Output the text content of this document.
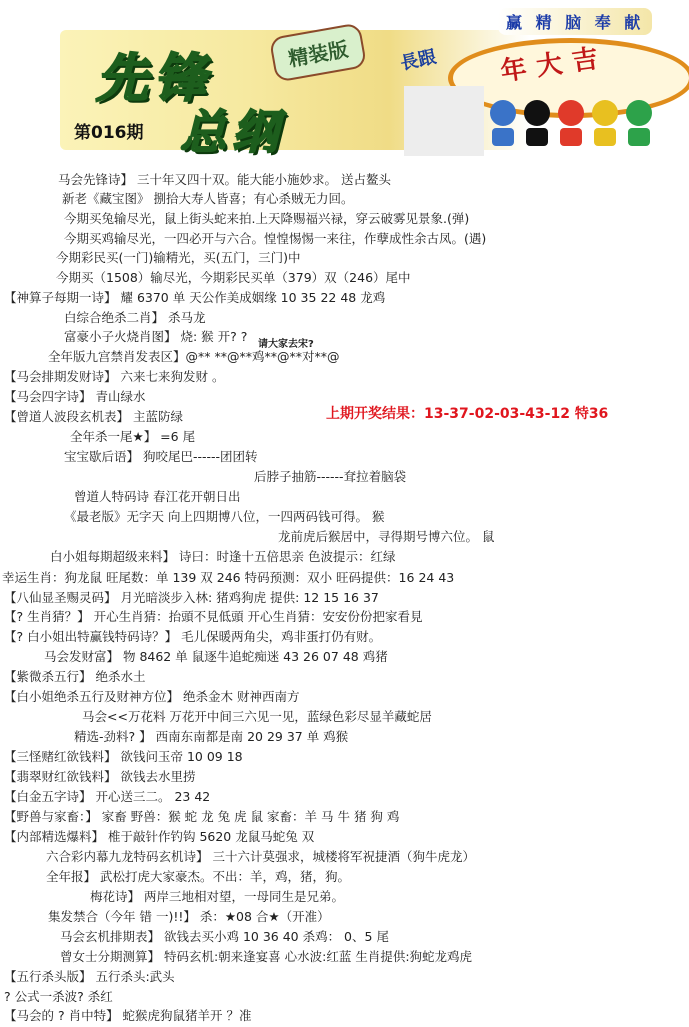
赢 精 脑 奉 献
年大吉
先锋	精装版	長跟
总纲
第016期
马会先锋诗】 三十年又四十双。能大能小施妙求。 送占鳌头
新老《藏宝图》 捌拾大寿人皆喜；有心杀贼无力回。
今期买兔输尽光，鼠上街头蛇来拍.上天降赐福兴禄，穿云破雾见景象.(弹)
今期买鸡输尽光，一四必开与六合。惶惶惕惕一来往，作孽成性余古凤。(遇)
今期彩民买(一门)输精光，买(五门，三门)中
今期买（1508）输尽光，今期彩民买单（379）双（246）尾中
【神算子每期一诗】 耀 6370 单 天公作美成姻缘 10 35 22 48 龙鸡
白综合绝杀二肖】 杀马龙
富豪小子火烧肖图】 烧: 猴 开? ?
请大家去宋?
全年版九宫禁肖发表区】@** **@**鸡**@**对**@
【马会排期发财诗】 六来七来狗发财 。
【马会四字诗】 青山绿水
【曾道人波段玄机表】 主蓝防绿	上期开奖结果：13-37-02-03-43-12 特36
全年杀一尾★】 =6 尾
宝宝歇后语】 狗咬尾巴------团团转
后脖子抽筋------耷拉着脑袋
曾道人特码诗 春江花开朝日出
《最老版》无字天 向上四期博八位，一四两码钱可得。 猴
龙前虎后猴居中，寻得期号博六位。 鼠
白小姐每期超级来料】 诗曰：时逢十五倍思亲 色波提示：红绿
幸运生肖：狗龙鼠 旺尾数：单 139 双 246 特码预测：双小 旺码提供：16 24 43
【八仙显圣赐灵码】 月光暗淡步入林: 猪鸡狗虎 提供: 12 15 16 37
【? 生肖猜？】 开心生肖猜：抬頭不見低頭 开心生肖猜：安安份份把家看見
【? 白小姐出特赢钱特码诗？】 毛儿保暖两角尖，鸡非蛋打仍有财。
马会发财富】 物 8462 单 鼠逐牛追蛇痴迷 43 26 07 48 鸡猪
【紫微杀五行】 绝杀水土
【白小姐绝杀五行及财神方位】 绝杀金木 财神西南方
马会<<万花料 万花开中间三六见一见，蓝绿色彩尽显羊藏蛇居
精选-劲料? 】 西南东南都是南 20 29 37 单 鸡猴
【三怪赌红欲钱料】 欲钱问玉帝 10 09 18
【翡翠财红欲钱料】 欲钱去水里捞
【白金五字诗】 开心送三二。 23 42
【野兽与家畜：】 家畜 野兽：猴 蛇 龙 兔 虎 鼠 家畜：羊 马 牛 猪 狗 鸡
【内部精选爆料】 椎于敲针作钓钩 5620 龙鼠马蛇兔 双
六合彩内幕九龙特码玄机诗】 三十六计莫强求，城楼将军祝捷酒（狗牛虎龙）
全年报】 武松打虎大家豪杰。不出：羊，鸡，猪，狗。
梅花诗】 两岸三地相对望，一母同生是兄弟。
集发禁合（今年 错 一)!!】 杀：★08 合★（开准）
马会玄机排期表】 欲钱去买小鸡 10 36 40 杀鸡： 0、5 尾
曾女士分期测算】 特码玄机:朝来逢宴喜 心水波:红蓝 生肖提供:狗蛇龙鸡虎
【五行杀头版】 五行杀头:武头
? 公式一杀波? 杀红
【马会的 ? 肖中特】 蛇猴虎狗鼠猪羊开 ？准
